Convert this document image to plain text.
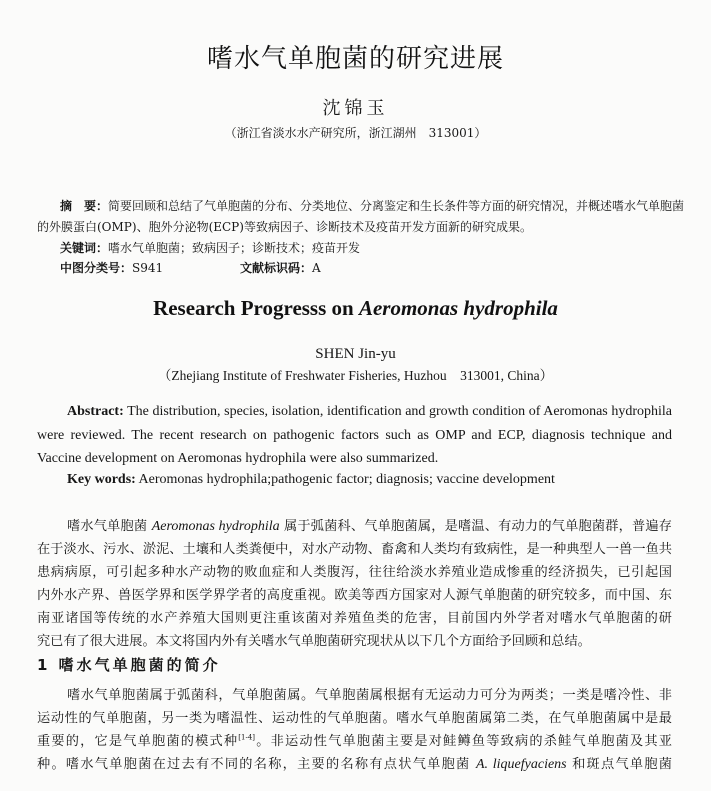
嗜水气单胞菌的研究进展
沈锦玉
（浙江省淡水水产研究所，浙江湖州　313001）
摘　要：简要回顾和总结了气单胞菌的分布、分类地位、分离鉴定和生长条件等方面的研究情况，并概述嗜水气单胞菌
的外膜蛋白(OMP)、胞外分泌物(ECP)等致病因子、诊断技术及疫苗开发方面新的研究成果。
关键词：嗜水气单胞菌；致病因子；诊断技术；疫苗开发
中图分类号：S941	文献标识码：A
Research Progresss on Aeromonas hydrophila
SHEN Jin-yu
（Zhejiang Institute of Freshwater Fisheries, Huzhou　313001, China）
Abstract: The distribution, species, isolation, identification and growth condition of Aeromonas hydrophila
were reviewed. The recent research on pathogenic factors such as OMP and ECP, diagnosis technique and
Vaccine development on Aeromonas hydrophila were also summarized.
Key words: Aeromonas hydrophila;pathogenic factor; diagnosis; vaccine development
嗜水气单胞菌 Aeromonas hydrophila 属于弧菌科、气单胞菌属，是嗜温、有动力的气单胞菌群，普遍存
在于淡水、污水、淤泥、土壤和人类粪便中，对水产动物、畜禽和人类均有致病性，是一种典型人一兽一鱼共
患病病原，可引起多种水产动物的败血症和人类腹泻，往往给淡水养殖业造成惨重的经济损失，已引起国
内外水产界、兽医学界和医学界学者的高度重视。欧美等西方国家对人源气单胞菌的研究较多，而中国、东
南亚诸国等传统的水产养殖大国则更注重该菌对养殖鱼类的危害，目前国内外学者对嗜水气单胞菌的研
究已有了很大进展。本文将国内外有关嗜水气单胞菌研究现状从以下几个方面给予回顾和总结。
1 嗜水气单胞菌的简介
嗜水气单胞菌属于弧菌科，气单胞菌属。气单胞菌属根据有无运动力可分为两类；一类是嗜冷性、非
运动性的气单胞菌，另一类为嗜温性、运动性的气单胞菌。嗜水气单胞菌属第二类，在气单胞菌属中是最
重要的，它是气单胞菌的模式种[1-4]。非运动性气单胞菌主要是对鲑鳟鱼等致病的杀鲑气单胞菌及其亚
种。嗜水气单胞菌在过去有不同的名称，主要的名称有点状气单胞菌 A. liquefyaciens 和斑点气单胞菌
